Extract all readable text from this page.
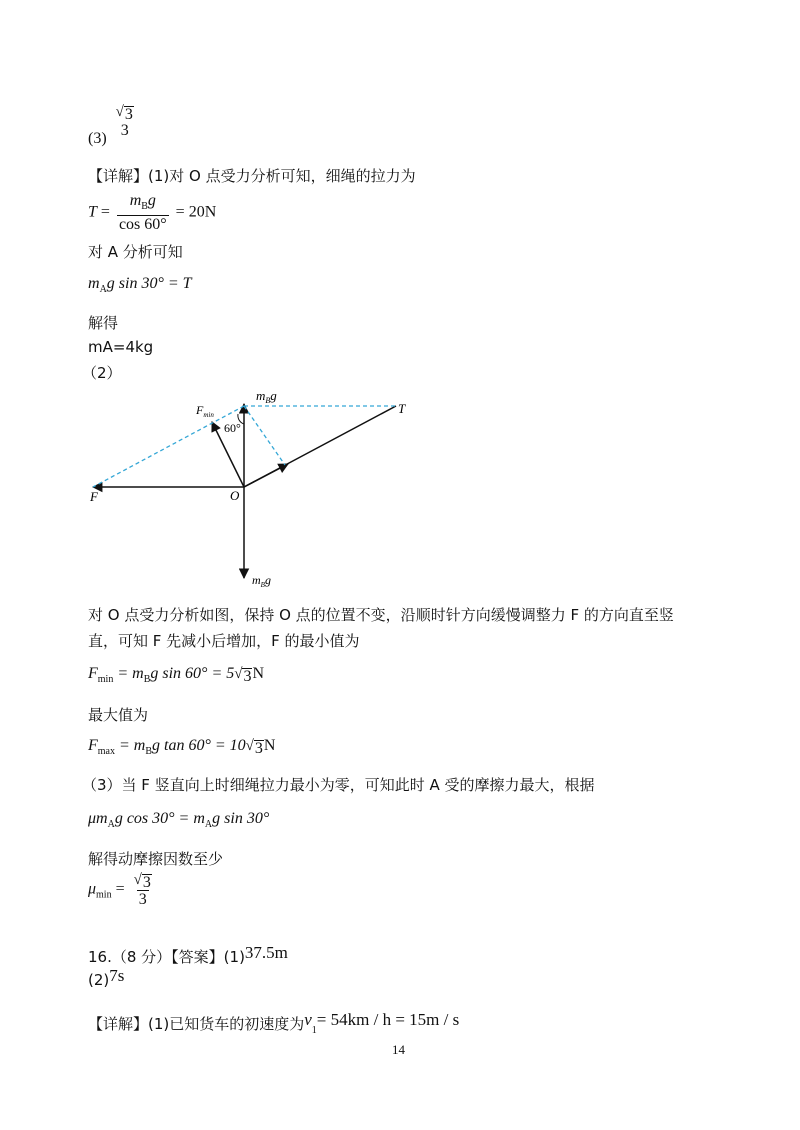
(3)
√ 3
3
【详解】(1)对 O 点受力分析可知，细绳的拉力为
$T = \frac{m_Bg}{\cos 60^\circ} = 20N$
对 A 分析可知
$m_Ag$ sin 30° = T
解得
mA=4kg
（2）
$m_Bg$
T
$F_{min}$
60°
F	O
$m_Bg$
对 O 点受力分析如图，保持 O 点的位置不变，沿顺时针方向缓慢调整力 F 的方向直至竖
直，可知 F 先减小后增加，F 的最小值为
$F_{min} = m_Bg$ sin 60° = 5 √ 3 N
最大值为
$F_{max} = m_Bg$ tan 60° = 10 √ 3 N
（3）当 F 竖直向上时细绳拉力最小为零，可知此时 A 受的摩擦力最大，根据
$\mu m_Ag$ $\cos 30^\circ = m_Ag$ sin 30°
解得动摩擦因数至少
$\mu_{min} = \frac{√ 3}{3}$
16.（8 分）【答案】(1)37.5m
(2)7s
【详解】(1)已知货车的初速度为$v_1= 54km / h = 15m / s$
14
